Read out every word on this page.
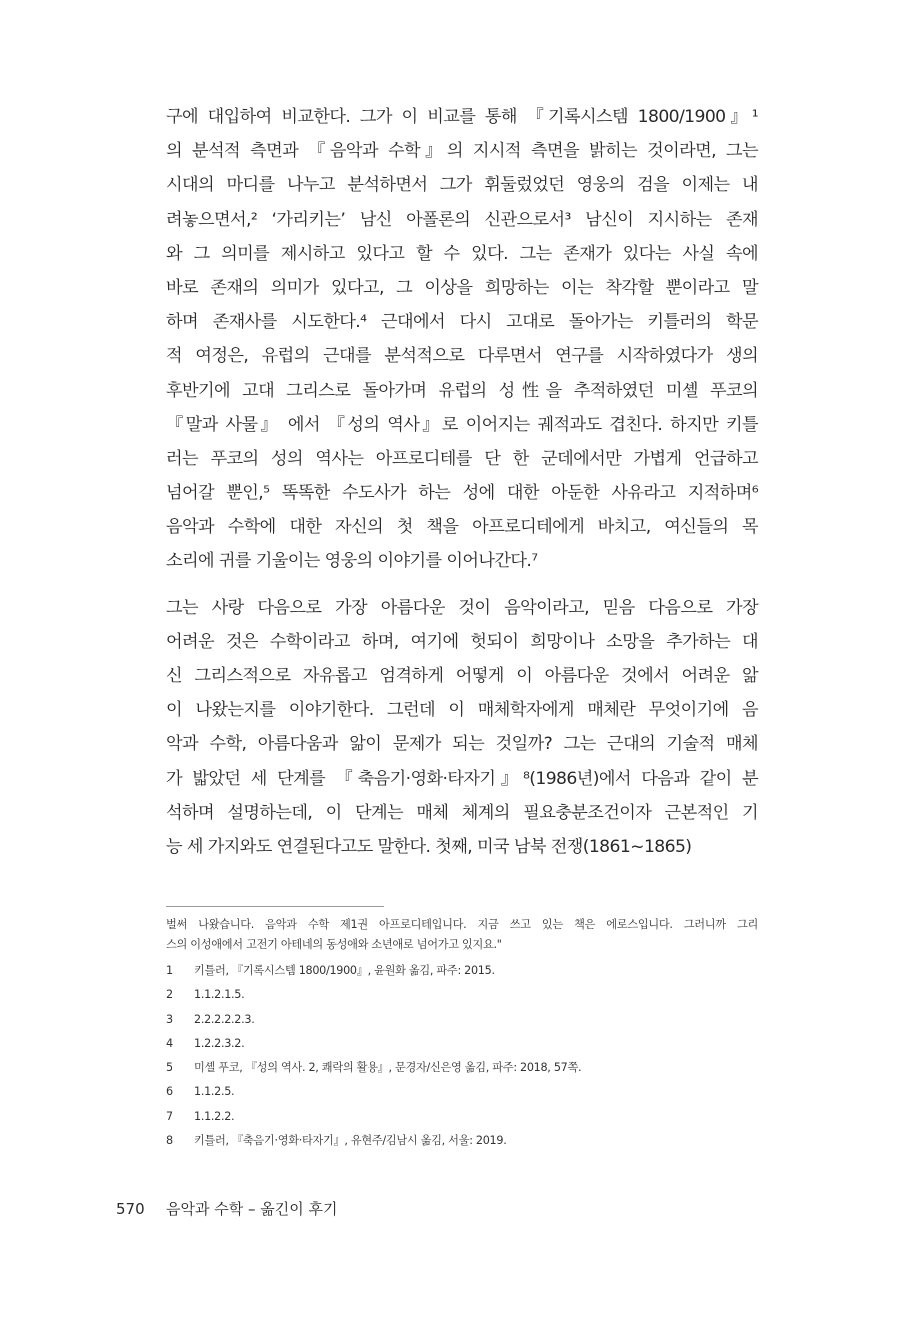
구에 대입하여 비교한다. 그가 이 비교를 통해 『기록시스템 1800/1900』¹
의 분석적 측면과 『음악과 수학』의 지시적 측면을 밝히는 것이라면, 그는
시대의 마디를 나누고 분석하면서 그가 휘둘렀었던 영웅의 검을 이제는 내
려놓으면서,² ‘가리키는’ 남신 아폴론의 신관으로서³ 남신이 지시하는 존재
와 그 의미를 제시하고 있다고 할 수 있다. 그는 존재가 있다는 사실 속에
바로 존재의 의미가 있다고, 그 이상을 희망하는 이는 착각할 뿐이라고 말
하며 존재사를 시도한다.⁴ 근대에서 다시 고대로 돌아가는 키틀러의 학문
적 여정은, 유럽의 근대를 분석적으로 다루면서 연구를 시작하였다가 생의
후반기에 고대 그리스로 돌아가며 유럽의 성性을 추적하였던 미셸 푸코의
『말과 사물』 에서 『성의 역사』로 이어지는 궤적과도 겹친다. 하지만 키틀
러는 푸코의 성의 역사는 아프로디테를 단 한 군데에서만 가볍게 언급하고
넘어갈 뿐인,⁵ 똑똑한 수도사가 하는 성에 대한 아둔한 사유라고 지적하며⁶
음악과 수학에 대한 자신의 첫 책을 아프로디테에게 바치고, 여신들의 목
소리에 귀를 기울이는 영웅의 이야기를 이어나간다.⁷
그는 사랑 다음으로 가장 아름다운 것이 음악이라고, 믿음 다음으로 가장
어려운 것은 수학이라고 하며, 여기에 헛되이 희망이나 소망을 추가하는 대
신 그리스적으로 자유롭고 엄격하게 어떻게 이 아름다운 것에서 어려운 앎
이 나왔는지를 이야기한다. 그런데 이 매체학자에게 매체란 무엇이기에 음
악과 수학, 아름다움과 앎이 문제가 되는 것일까? 그는 근대의 기술적 매체
가 밟았던 세 단계를 『축음기·영화·타자기』⁸(1986년)에서 다음과 같이 분
석하며 설명하는데, 이 단계는 매체 체계의 필요충분조건이자 근본적인 기
능 세 가지와도 연결된다고도 말한다. 첫째, 미국 남북 전쟁(1861~1865)
벌써 나왔습니다. 음악과 수학 제1권 아프로디테입니다. 지금 쓰고 있는 책은 에로스입니다. 그러니까 그리
스의 이성애에서 고전기 아테네의 동성애와 소년애로 넘어가고 있지요."
1 키틀러, 『기록시스템 1800/1900』, 윤원화 옮김, 파주: 2015.
2 1.1.2.1.5.
3 2.2.2.2.2.3.
4 1.2.2.3.2.
5 미셸 푸코, 『성의 역사. 2, 쾌락의 활용』, 문경자/신은영 옮김, 파주: 2018, 57쪽.
6 1.1.2.5.
7 1.1.2.2.
8 키틀러, 『축음기·영화·타자기』, 유현주/김남시 옮김, 서울: 2019.
570 음악과 수학 – 옮긴이 후기
